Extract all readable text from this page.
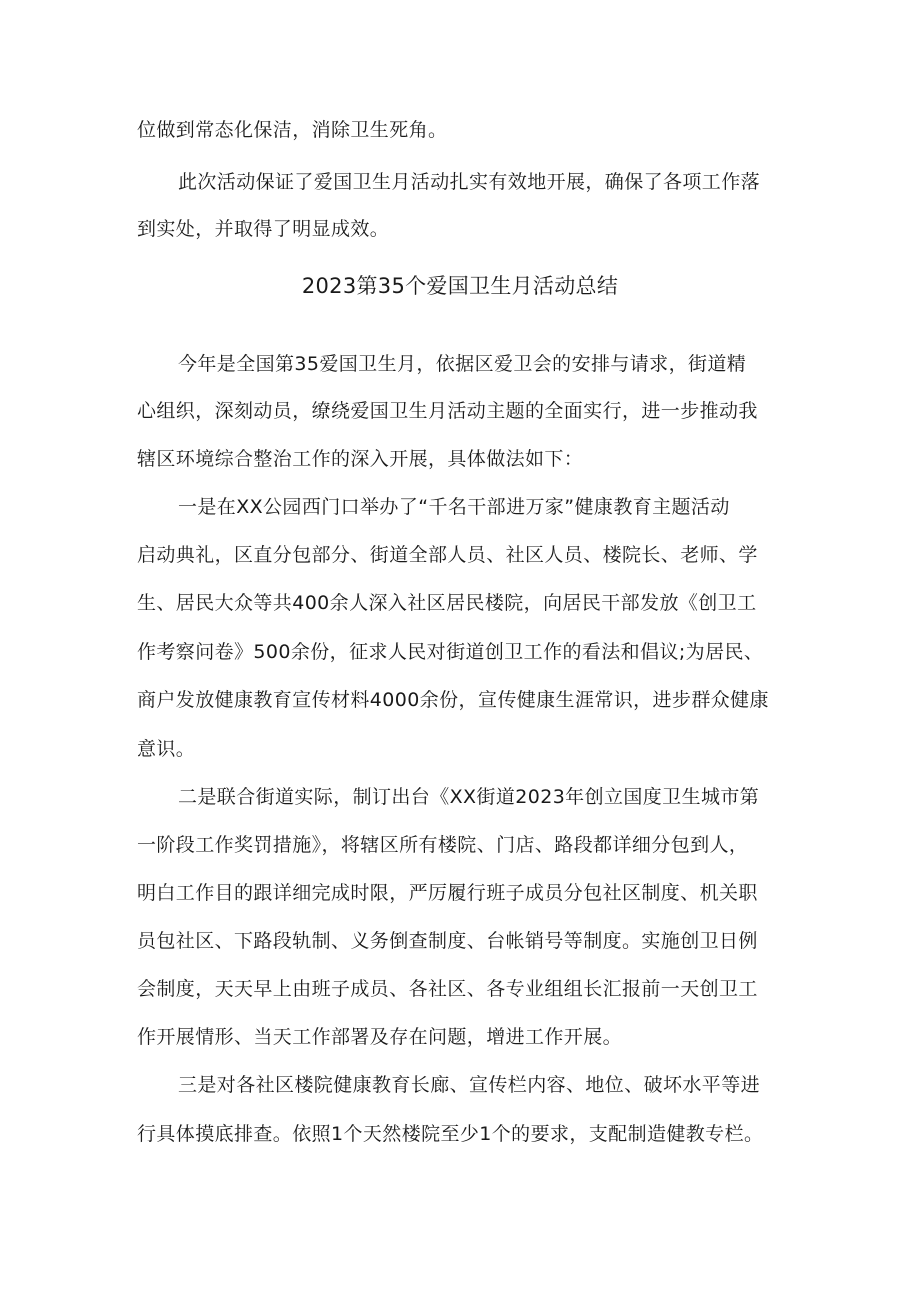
位做到常态化保洁，消除卫生死角。
此次活动保证了爱国卫生月活动扎实有效地开展，确保了各项工作落
到实处，并取得了明显成效。
2023第35个爱国卫生月活动总结
今年是全国第35爱国卫生月，依据区爱卫会的安排与请求，街道精
心组织，深刻动员，缭绕爱国卫生月活动主题的全面实行，进一步推动我
辖区环境综合整治工作的深入开展，具体做法如下：
一是在XX公园西门口举办了“千名干部进万家”健康教育主题活动
启动典礼，区直分包部分、街道全部人员、社区人员、楼院长、老师、学
生、居民大众等共400余人深入社区居民楼院，向居民干部发放《创卫工
作考察问卷》500余份，征求人民对街道创卫工作的看法和倡议;为居民、
商户发放健康教育宣传材料4000余份，宣传健康生涯常识，进步群众健康
意识。
二是联合街道实际，制订出台《XX街道2023年创立国度卫生城市第
一阶段工作奖罚措施》，将辖区所有楼院、门店、路段都详细分包到人，
明白工作目的跟详细完成时限，严厉履行班子成员分包社区制度、机关职
员包社区、下路段轨制、义务倒查制度、台帐销号等制度。实施创卫日例
会制度，天天早上由班子成员、各社区、各专业组组长汇报前一天创卫工
作开展情形、当天工作部署及存在问题，增进工作开展。
三是对各社区楼院健康教育长廊、宣传栏内容、地位、破坏水平等进
行具体摸底排查。依照1个天然楼院至少1个的要求，支配制造健教专栏。
